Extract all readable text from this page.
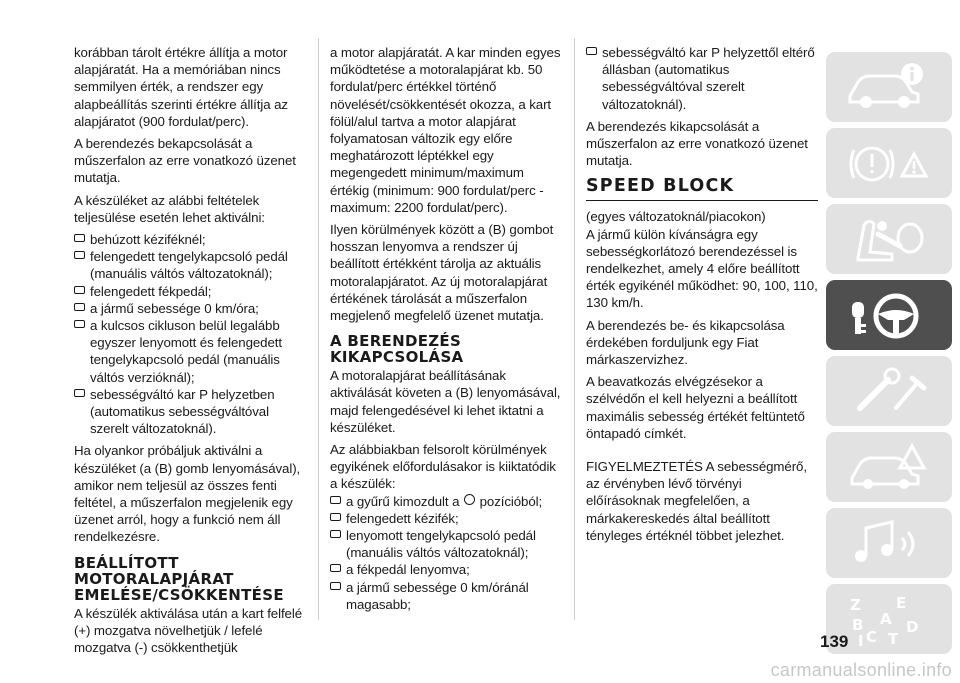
korábban tárolt értékre állítja a motor alapjáratát. Ha a memóriában nincs semmilyen érték, a rendszer egy alapbeállítás szerinti értékre állítja az alapjáratot (900 fordulat/perc).

A berendezés bekapcsolását a műszerfalon az erre vonatkozó üzenet mutatja.

A készüléket az alábbi feltételek teljesülése esetén lehet aktiválni:

behúzott kéziféknél;
felengedett tengelykapcsoló pedál (manuális váltós változatoknál);
felengedett fékpedál;
a jármű sebessége 0 km/óra;
a kulcsos cikluson belül legalább egyszer lenyomott és felengedett tengelykapcsoló pedál (manuális váltós verzióknál);
sebességváltó kar P helyzetben (automatikus sebességváltóval szerelt változatoknál).

Ha olyankor próbáljuk aktiválni a készüléket (a (B) gomb lenyomásával), amikor nem teljesül az összes fenti feltétel, a műszerfalon megjelenik egy üzenet arról, hogy a funkció nem áll rendelkezésre.

BEÁLLÍTOTT MOTORALAPJÁRAT EMELÉSE/CSÖKKENTÉSE

A készülék aktiválása után a kart felfelé (+) mozgatva növelhetjük / lefelé mozgatva (-) csökkenthetjük

a motor alapjáratát. A kar minden egyes működtetése a motoralapjárat kb. 50 fordulat/perc értékkel történő növelését/csökkentését okozza, a kart fölül/alul tartva a motor alapjárat folyamatosan változik egy előre meghatározott léptékkel egy megengedett minimum/maximum értékig (minimum: 900 fordulat/perc - maximum: 2200 fordulat/perc).

Ilyen körülmények között a (B) gombot hosszan lenyomva a rendszer új beállított értékként tárolja az aktuális motoralapjáratot. Az új motoralapjárat értékének tárolását a műszerfalon megjelenő megfelelő üzenet mutatja.

A BERENDEZÉS KIKAPCSOLÁSA

A motoralapjárat beállításának aktiválását követen a (B) lenyomásával, majd felengedésével ki lehet iktatni a készüléket.

Az alábbiakban felsorolt körülmények egyikének előfordulásakor is kiiktatódik a készülék:

a gyűrű kimozdult a pozícióból;
felengedett kézifék;
lenyomott tengelykapcsoló pedál (manuális váltós változatoknál);
a fékpedál lenyomva;
a jármű sebessége 0 km/óránál magasabb;
sebességváltó kar P helyzettől eltérő állásban (automatikus sebességváltóval szerelt változatoknál).

A berendezés kikapcsolását a műszerfalon az erre vonatkozó üzenet mutatja.

SPEED BLOCK

(egyes változatoknál/piacokon)

A jármű külön kívánságra egy sebességkorlátozó berendezéssel is rendelkezhet, amely 4 előre beállított érték egyikénél működhet: 90, 100, 110, 130 km/h.

A berendezés be- és kikapcsolása érdekében forduljunk egy Fiat márkaszervizhez.

A beavatkozás elvégzésekor a szélvédőn el kell helyezni a beállított maximális sebesség értékét feltüntető öntapadó címkét.

FIGYELMEZTETÉS A sebességmérő, az érvényben lévő törvényi előírásoknak megfelelően, a márkakereskedés által beállított tényleges értéknél többet jelezhet.

Z E
A
B
C
D
T
I
139
carmanualsonline.info
